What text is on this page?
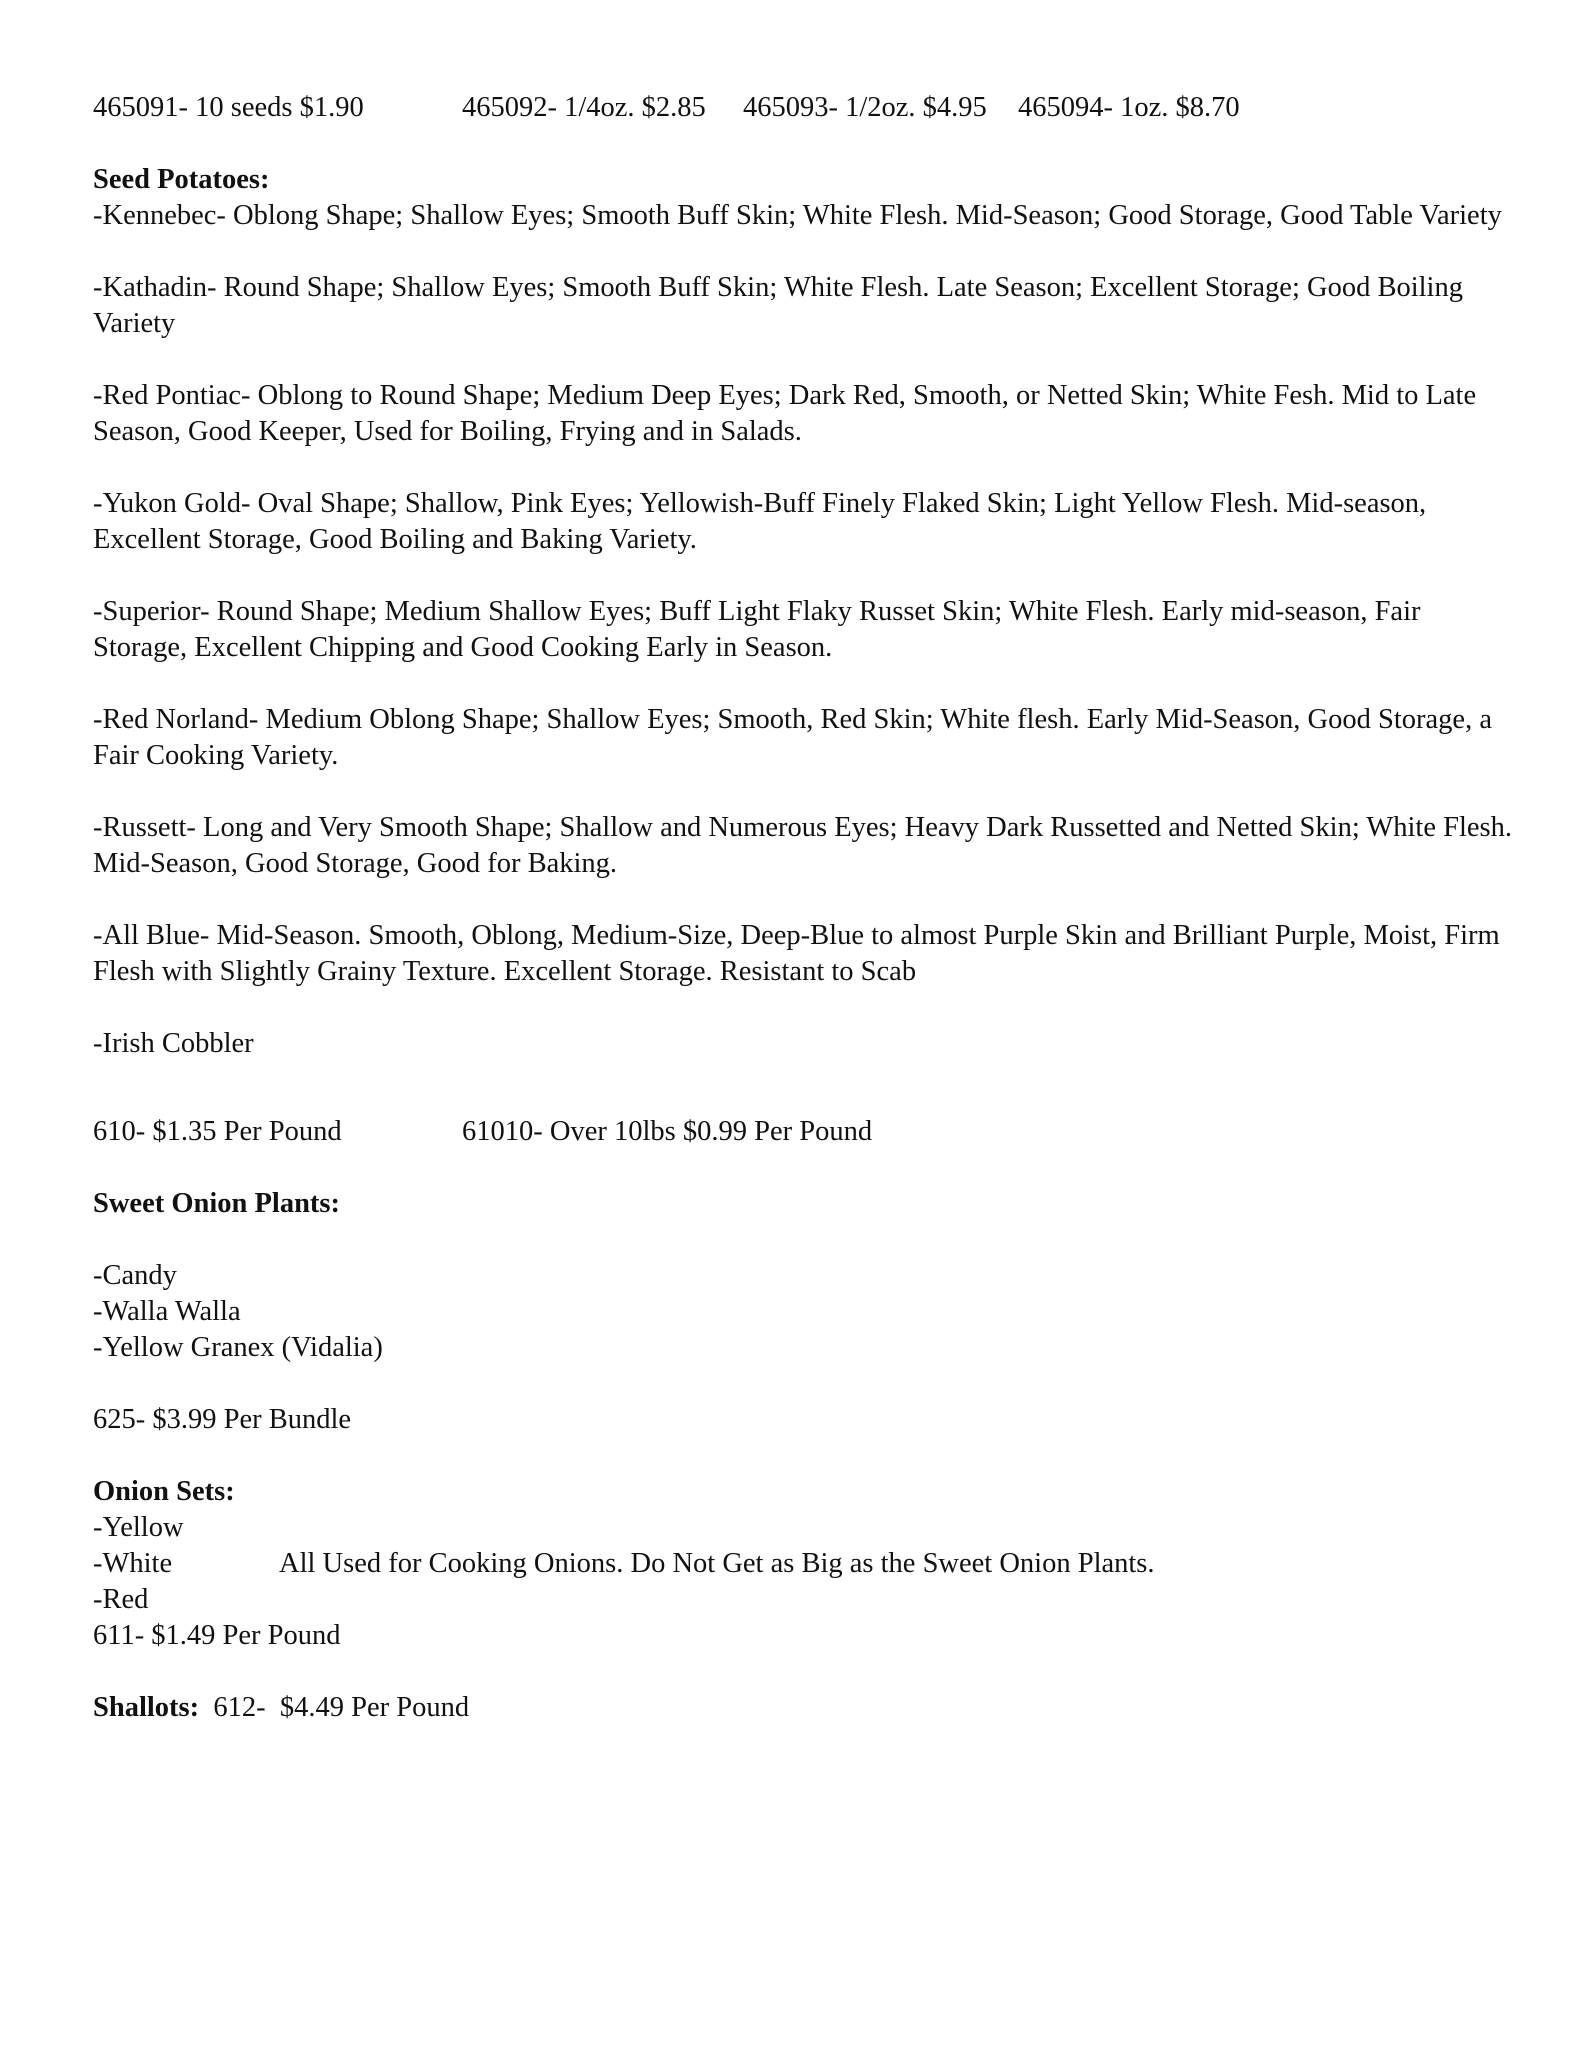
465091- 10 seeds $1.90	465092- 1/4oz. $2.85 465093- 1/2oz. $4.95 465094- 1oz. $8.70
Seed Potatoes:
-Kennebec- Oblong Shape; Shallow Eyes; Smooth Buff Skin; White Flesh. Mid-Season; Good Storage, Good Table Variety
-Kathadin- Round Shape; Shallow Eyes; Smooth Buff Skin; White Flesh. Late Season; Excellent Storage; Good Boiling Variety
-Red Pontiac- Oblong to Round Shape; Medium Deep Eyes; Dark Red, Smooth, or Netted Skin; White Fesh. Mid to Late Season, Good Keeper, Used for Boiling, Frying and in Salads.
-Yukon Gold- Oval Shape; Shallow, Pink Eyes; Yellowish-Buff Finely Flaked Skin; Light Yellow Flesh. Mid-season, Excellent Storage, Good Boiling and Baking Variety.
-Superior- Round Shape; Medium Shallow Eyes; Buff Light Flaky Russet Skin; White Flesh. Early mid-season, Fair Storage, Excellent Chipping and Good Cooking Early in Season.
-Red Norland- Medium Oblong Shape; Shallow Eyes; Smooth, Red Skin; White flesh. Early Mid-Season, Good Storage, a Fair Cooking Variety.
-Russett- Long and Very Smooth Shape; Shallow and Numerous Eyes; Heavy Dark Russetted and Netted Skin; White Flesh. Mid-Season, Good Storage, Good for Baking.
-All Blue- Mid-Season. Smooth, Oblong, Medium-Size, Deep-Blue to almost Purple Skin and Brilliant Purple, Moist, Firm Flesh with Slightly Grainy Texture. Excellent Storage. Resistant to Scab
-Irish Cobbler
610- $1.35 Per Pound	61010- Over 10lbs $0.99 Per Pound
Sweet Onion Plants:
-Candy
-Walla Walla
-Yellow Granex (Vidalia)
625- $3.99 Per Bundle
Onion Sets:
-Yellow
-White	All Used for Cooking Onions. Do Not Get as Big as the Sweet Onion Plants.
-Red
611- $1.49 Per Pound
Shallots: 612-  $4.49 Per Pound
